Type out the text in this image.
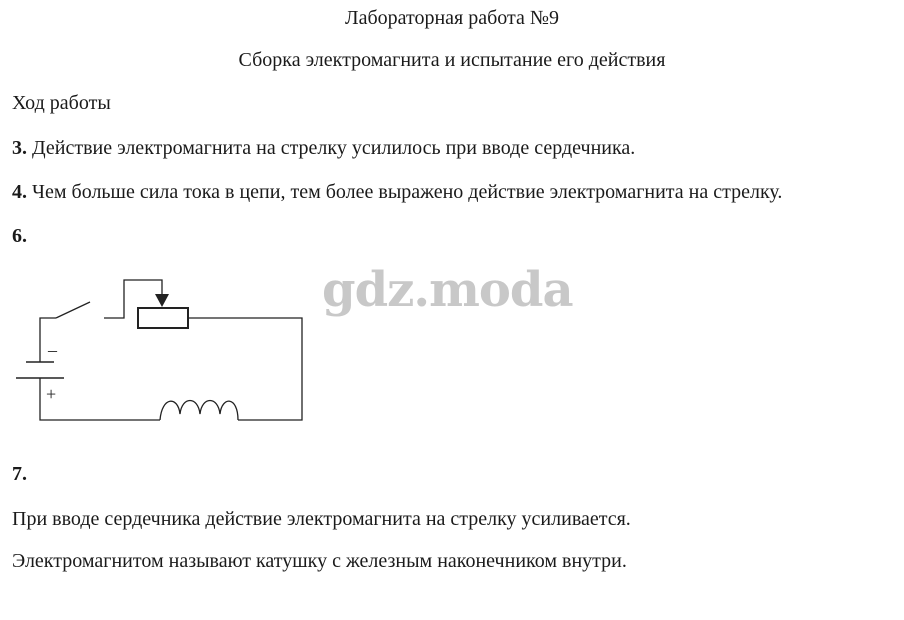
Лабораторная работа №9
Сборка электромагнита и испытание его действия
Ход работы
3. Действие электромагнита на стрелку усилилось при вводе сердечника.
4. Чем больше сила тока в цепи, тем более выражено действие электромагнита на стрелку.
6.
–
+
gdz.moda
7.
При вводе сердечника действие электромагнита на стрелку усиливается.
Электромагнитом называют катушку с железным наконечником внутри.
